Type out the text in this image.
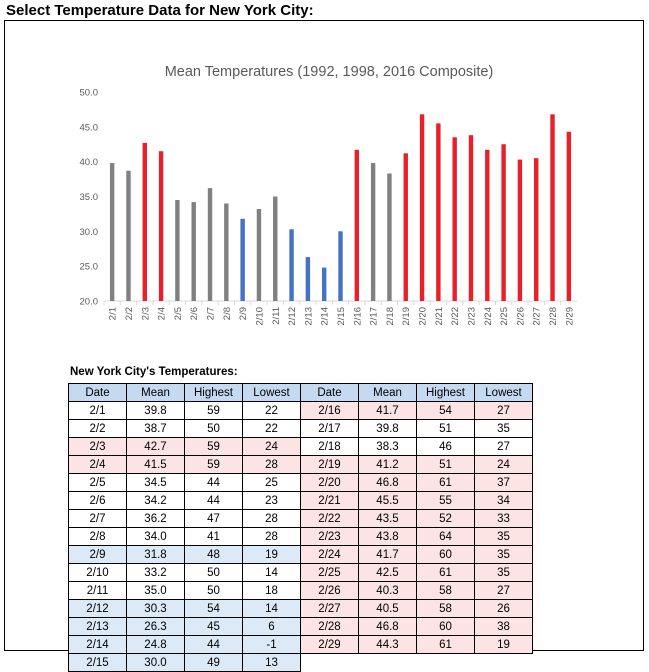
Select Temperature Data for New York City:
Mean Temperatures (1992, 1998, 2016 Composite)
20.0
25.0
30.0
35.0
40.0
45.0
50.0
2/1 2/2 2/3 2/4 2/5 2/6 2/7 2/8 2/9 2/10 2/11 2/12 2/13 2/14 2/15 2/16 2/17 2/18 2/19 2/20 2/21 2/22 2/23 2/24 2/25 2/26 2/27 2/28 2/29
New York City's Temperatures:
Date	Mean	Highest	Lowest
2/1	39.8	59	22
2/2	38.7	50	22
2/3	42.7	59	24
2/4	41.5	59	28
2/5	34.5	44	25
2/6	34.2	44	23
2/7	36.2	47	28
2/8	34.0	41	28
2/9	31.8	48	19
2/10	33.2	50	14
2/11	35.0	50	18
2/12	30.3	54	14
2/13	26.3	45	6
2/14	24.8	44	-1
2/15	30.0	49	13
Date	Mean	Highest	Lowest
2/16	41.7	54	27
2/17	39.8	51	35
2/18	38.3	46	27
2/19	41.2	51	24
2/20	46.8	61	37
2/21	45.5	55	34
2/22	43.5	52	33
2/23	43.8	64	35
2/24	41.7	60	35
2/25	42.5	61	35
2/26	40.3	58	27
2/27	40.5	58	26
2/28	46.8	60	38
2/29	44.3	61	19
